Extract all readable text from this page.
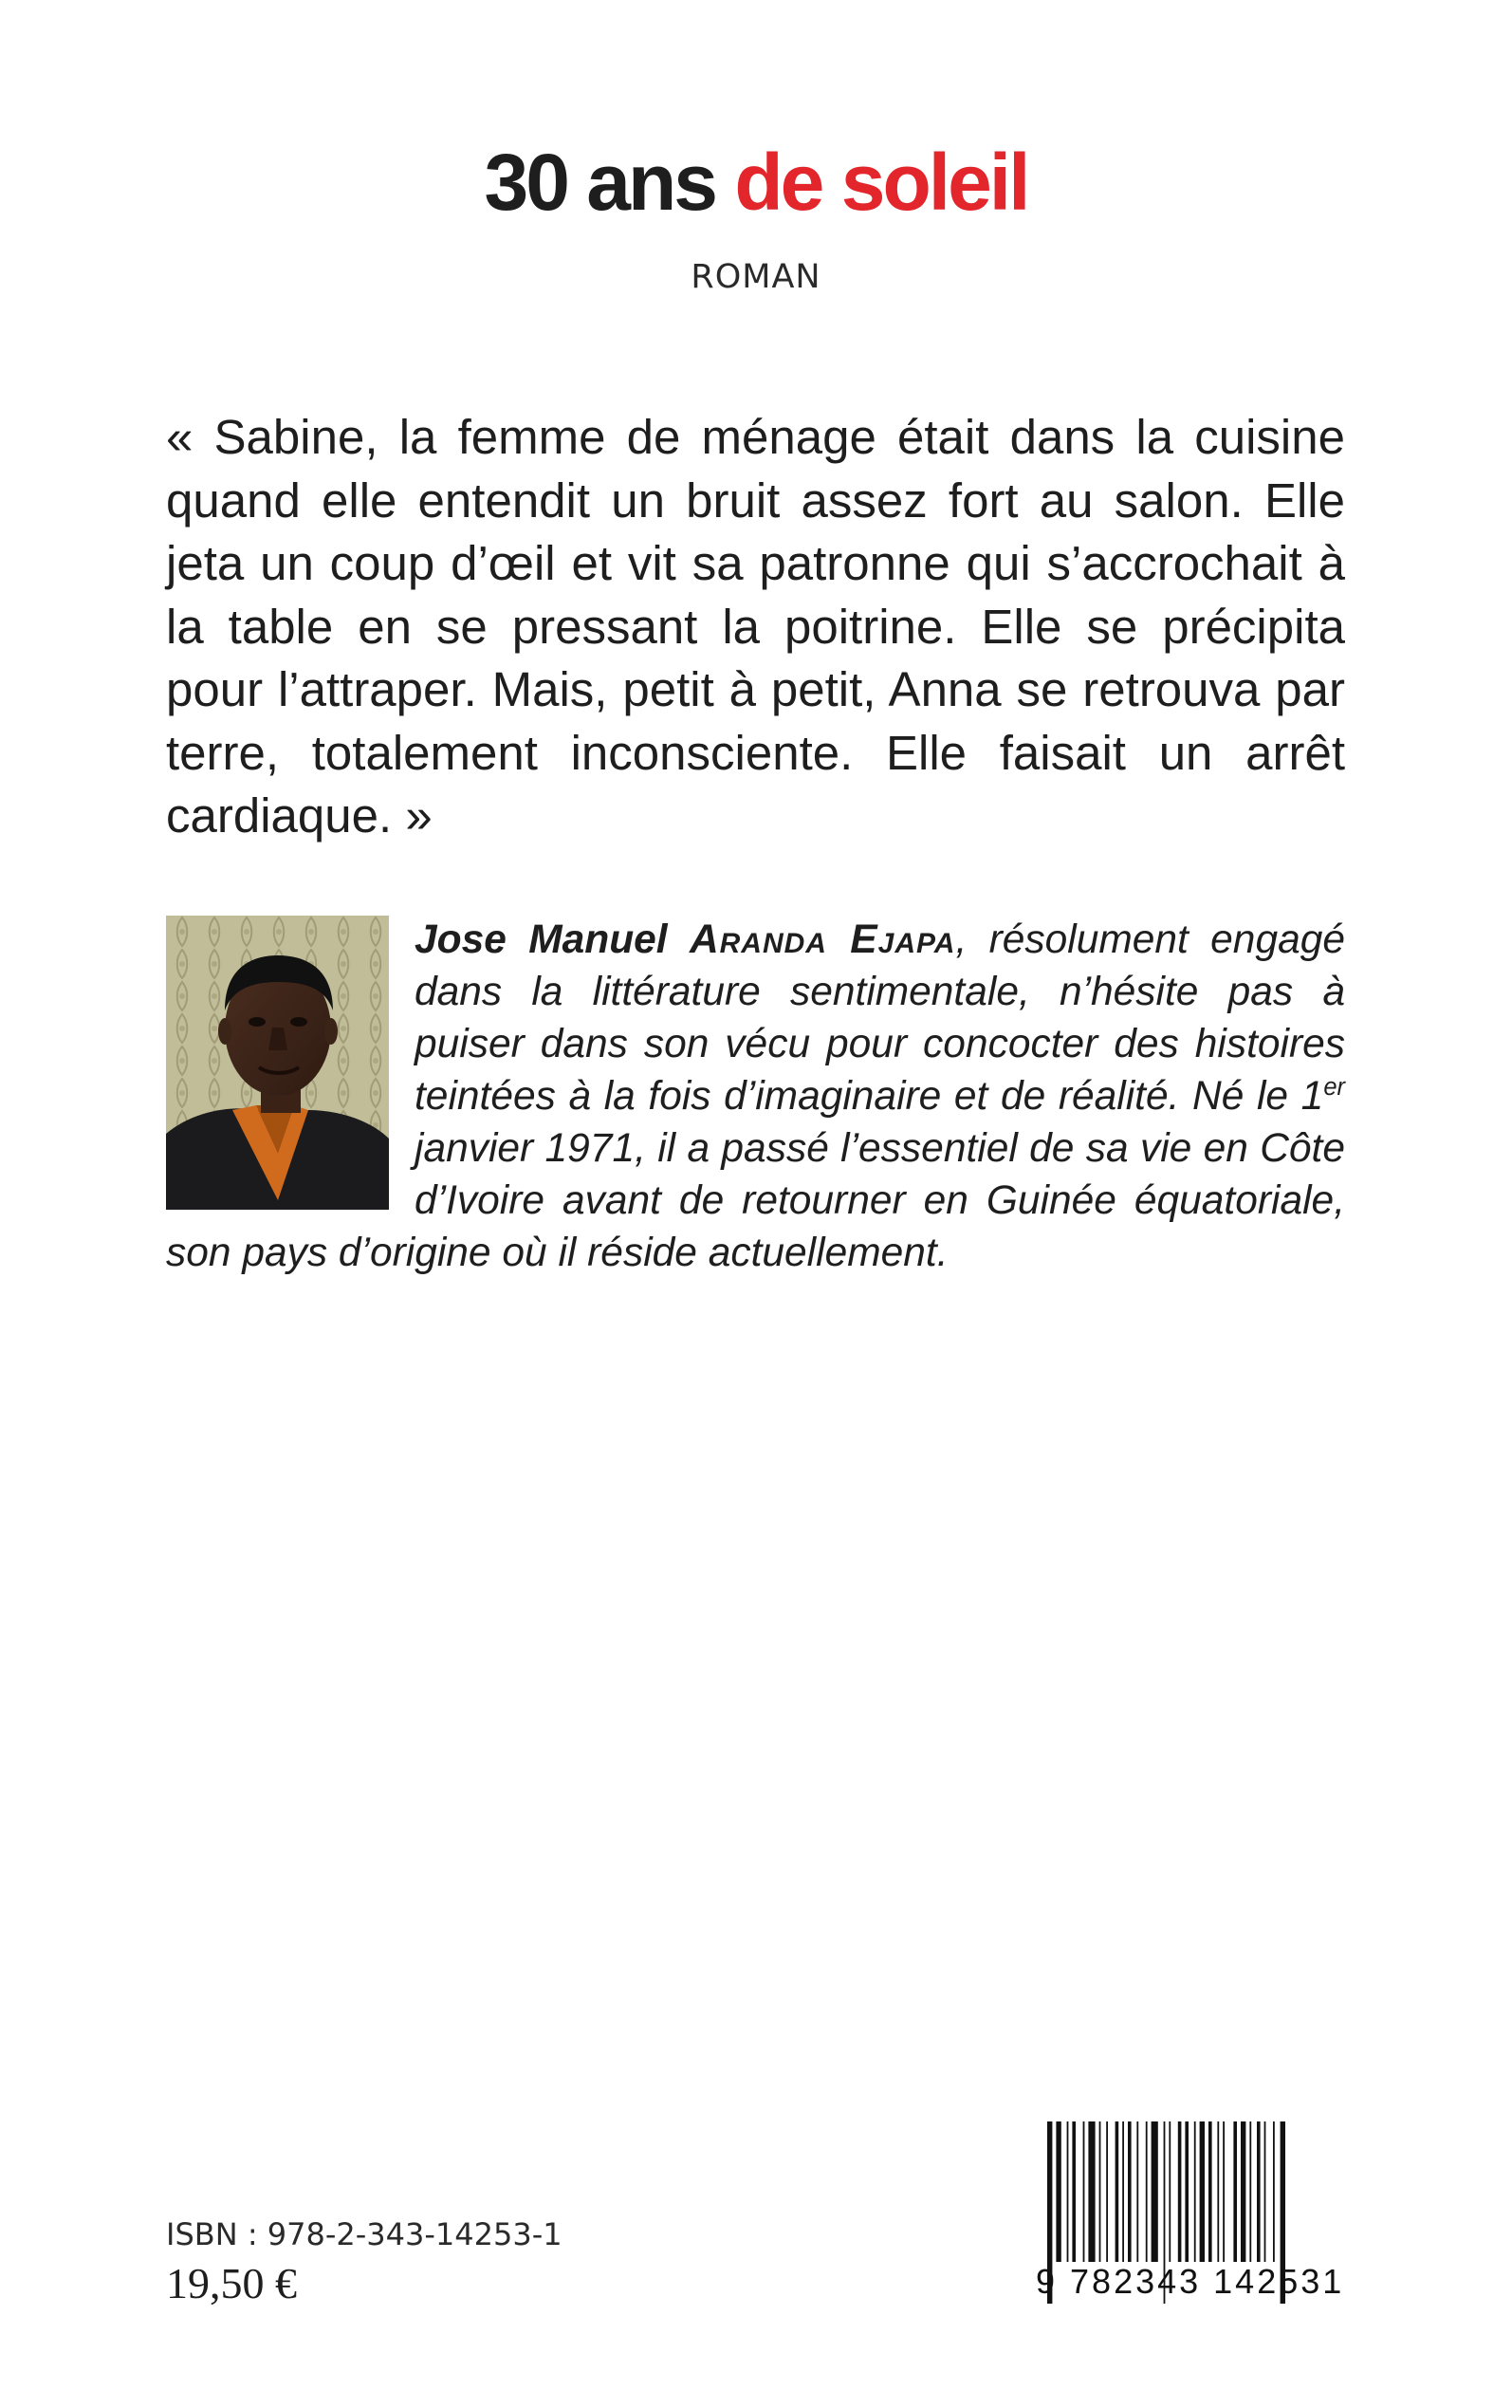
30 ans de soleil
ROMAN

« Sabine, la femme de ménage était dans la cuisine quand elle entendit un bruit assez fort au salon. Elle jeta un coup d’œil et vit sa patronne qui s’accrochait à la table en se pressant la poitrine. Elle se précipita pour l’attraper. Mais, petit à petit, Anna se retrouva par terre, totalement inconsciente. Elle faisait un arrêt cardiaque. »

Jose Manuel Aranda Ejapa, résolument engagé dans la littérature sentimentale, n’hésite pas à puiser dans son vécu pour concocter des histoires teintées à la fois d’imaginaire et de réalité. Né le 1er janvier 1971, il a passé l’essentiel de sa vie en Côte d’Ivoire avant de retourner en Guinée équatoriale, son pays d’origine où il réside actuellement.

ISBN : 978-2-343-14253-1
19,50 €	9 782343 142531
